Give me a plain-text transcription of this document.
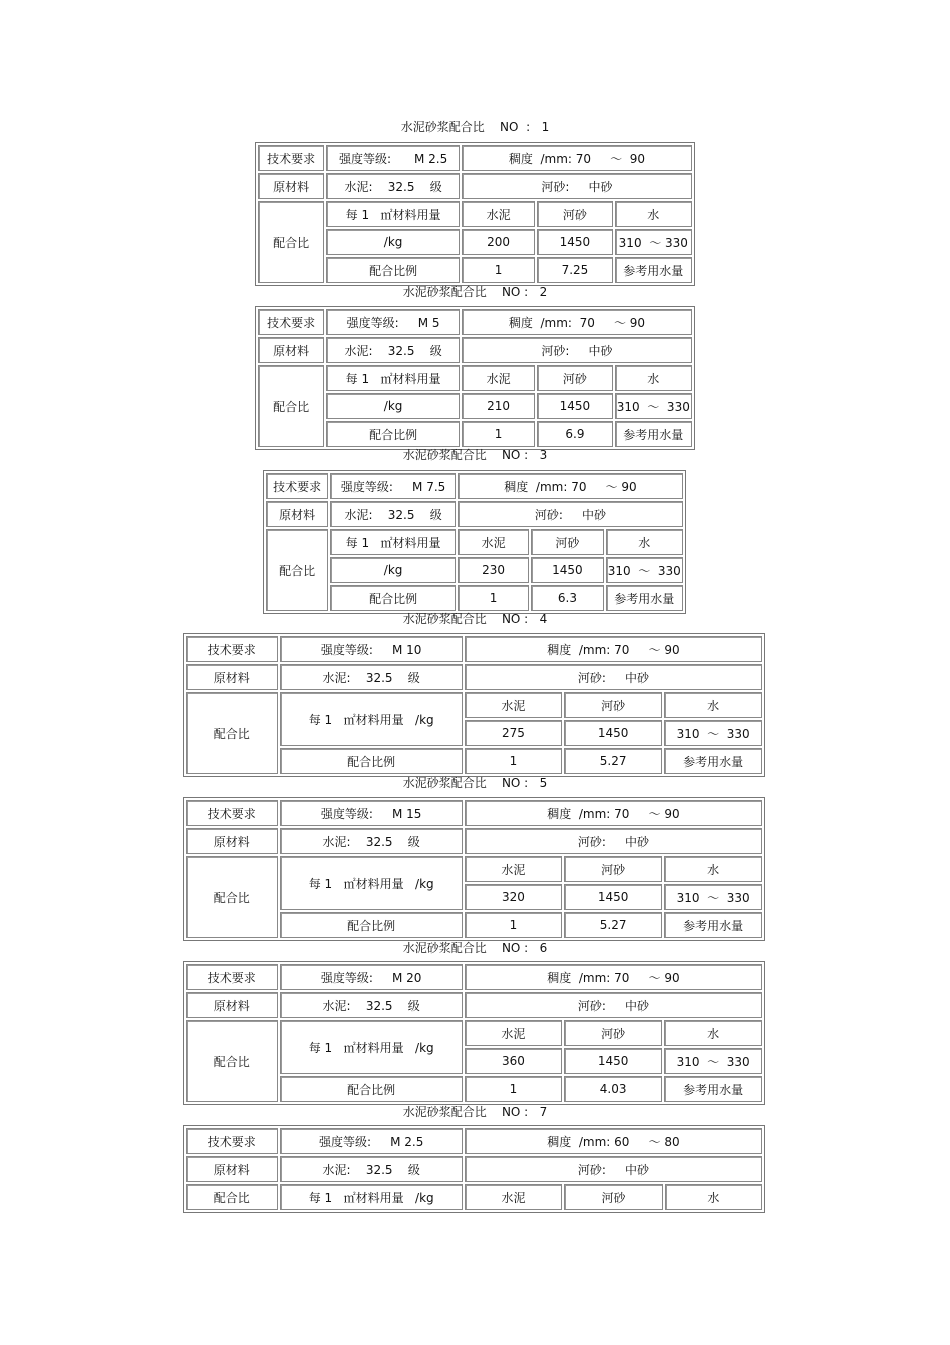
水泥砂浆配合比    NO  :   1
技术要求	强度等级:      M 2.5	稠度  /mm: 70     ～  90		
原材料	水泥:    32.5    级	河砂:     中砂		
配合比	每 1   ㎡材料用量	水泥	河砂	水
	/kg	200	1450	310  ～ 330
	配合比例	1	7.25	参考用水量
水泥砂浆配合比    NO :   2
技术要求	强度等级:     M 5	稠度  /mm:  70     ～ 90		
原材料	水泥:    32.5    级	河砂:     中砂		
配合比	每 1   ㎡材料用量	水泥	河砂	水
	/kg	210	1450	310  ～  330
	配合比例	1	6.9	参考用水量
水泥砂浆配合比    NO :   3
技术要求	强度等级:     M 7.5	稠度  /mm: 70     ～ 90		
原材料	水泥:    32.5    级	河砂:     中砂		
配合比	每 1   ㎡材料用量	水泥	河砂	水
	/kg	230	1450	310  ～  330
	配合比例	1	6.3	参考用水量
水泥砂浆配合比    NO :   4
技术要求	强度等级:     M 10	稠度  /mm: 70     ～ 90		
原材料	水泥:    32.5    级	河砂:     中砂		
配合比	每 1   ㎡材料用量   /kg	水泥	河砂	水
		275	1450	310  ～  330
	配合比例	1	5.27	参考用水量
水泥砂浆配合比    NO :   5
技术要求	强度等级:     M 15	稠度  /mm: 70     ～ 90		
原材料	水泥:    32.5    级	河砂:     中砂		
配合比	每 1   ㎡材料用量   /kg	水泥	河砂	水
		320	1450	310  ～  330
	配合比例	1	5.27	参考用水量
水泥砂浆配合比    NO :   6
技术要求	强度等级:     M 20	稠度  /mm: 70     ～ 90		
原材料	水泥:    32.5    级	河砂:     中砂		
配合比	每 1   ㎡材料用量   /kg	水泥	河砂	水
		360	1450	310  ～  330
	配合比例	1	4.03	参考用水量
水泥砂浆配合比    NO :   7
技术要求	强度等级:     M 2.5	稠度  /mm: 60     ～ 80		
原材料	水泥:    32.5    级	河砂:     中砂		
配合比	每 1   ㎡材料用量   /kg	水泥	河砂	水
